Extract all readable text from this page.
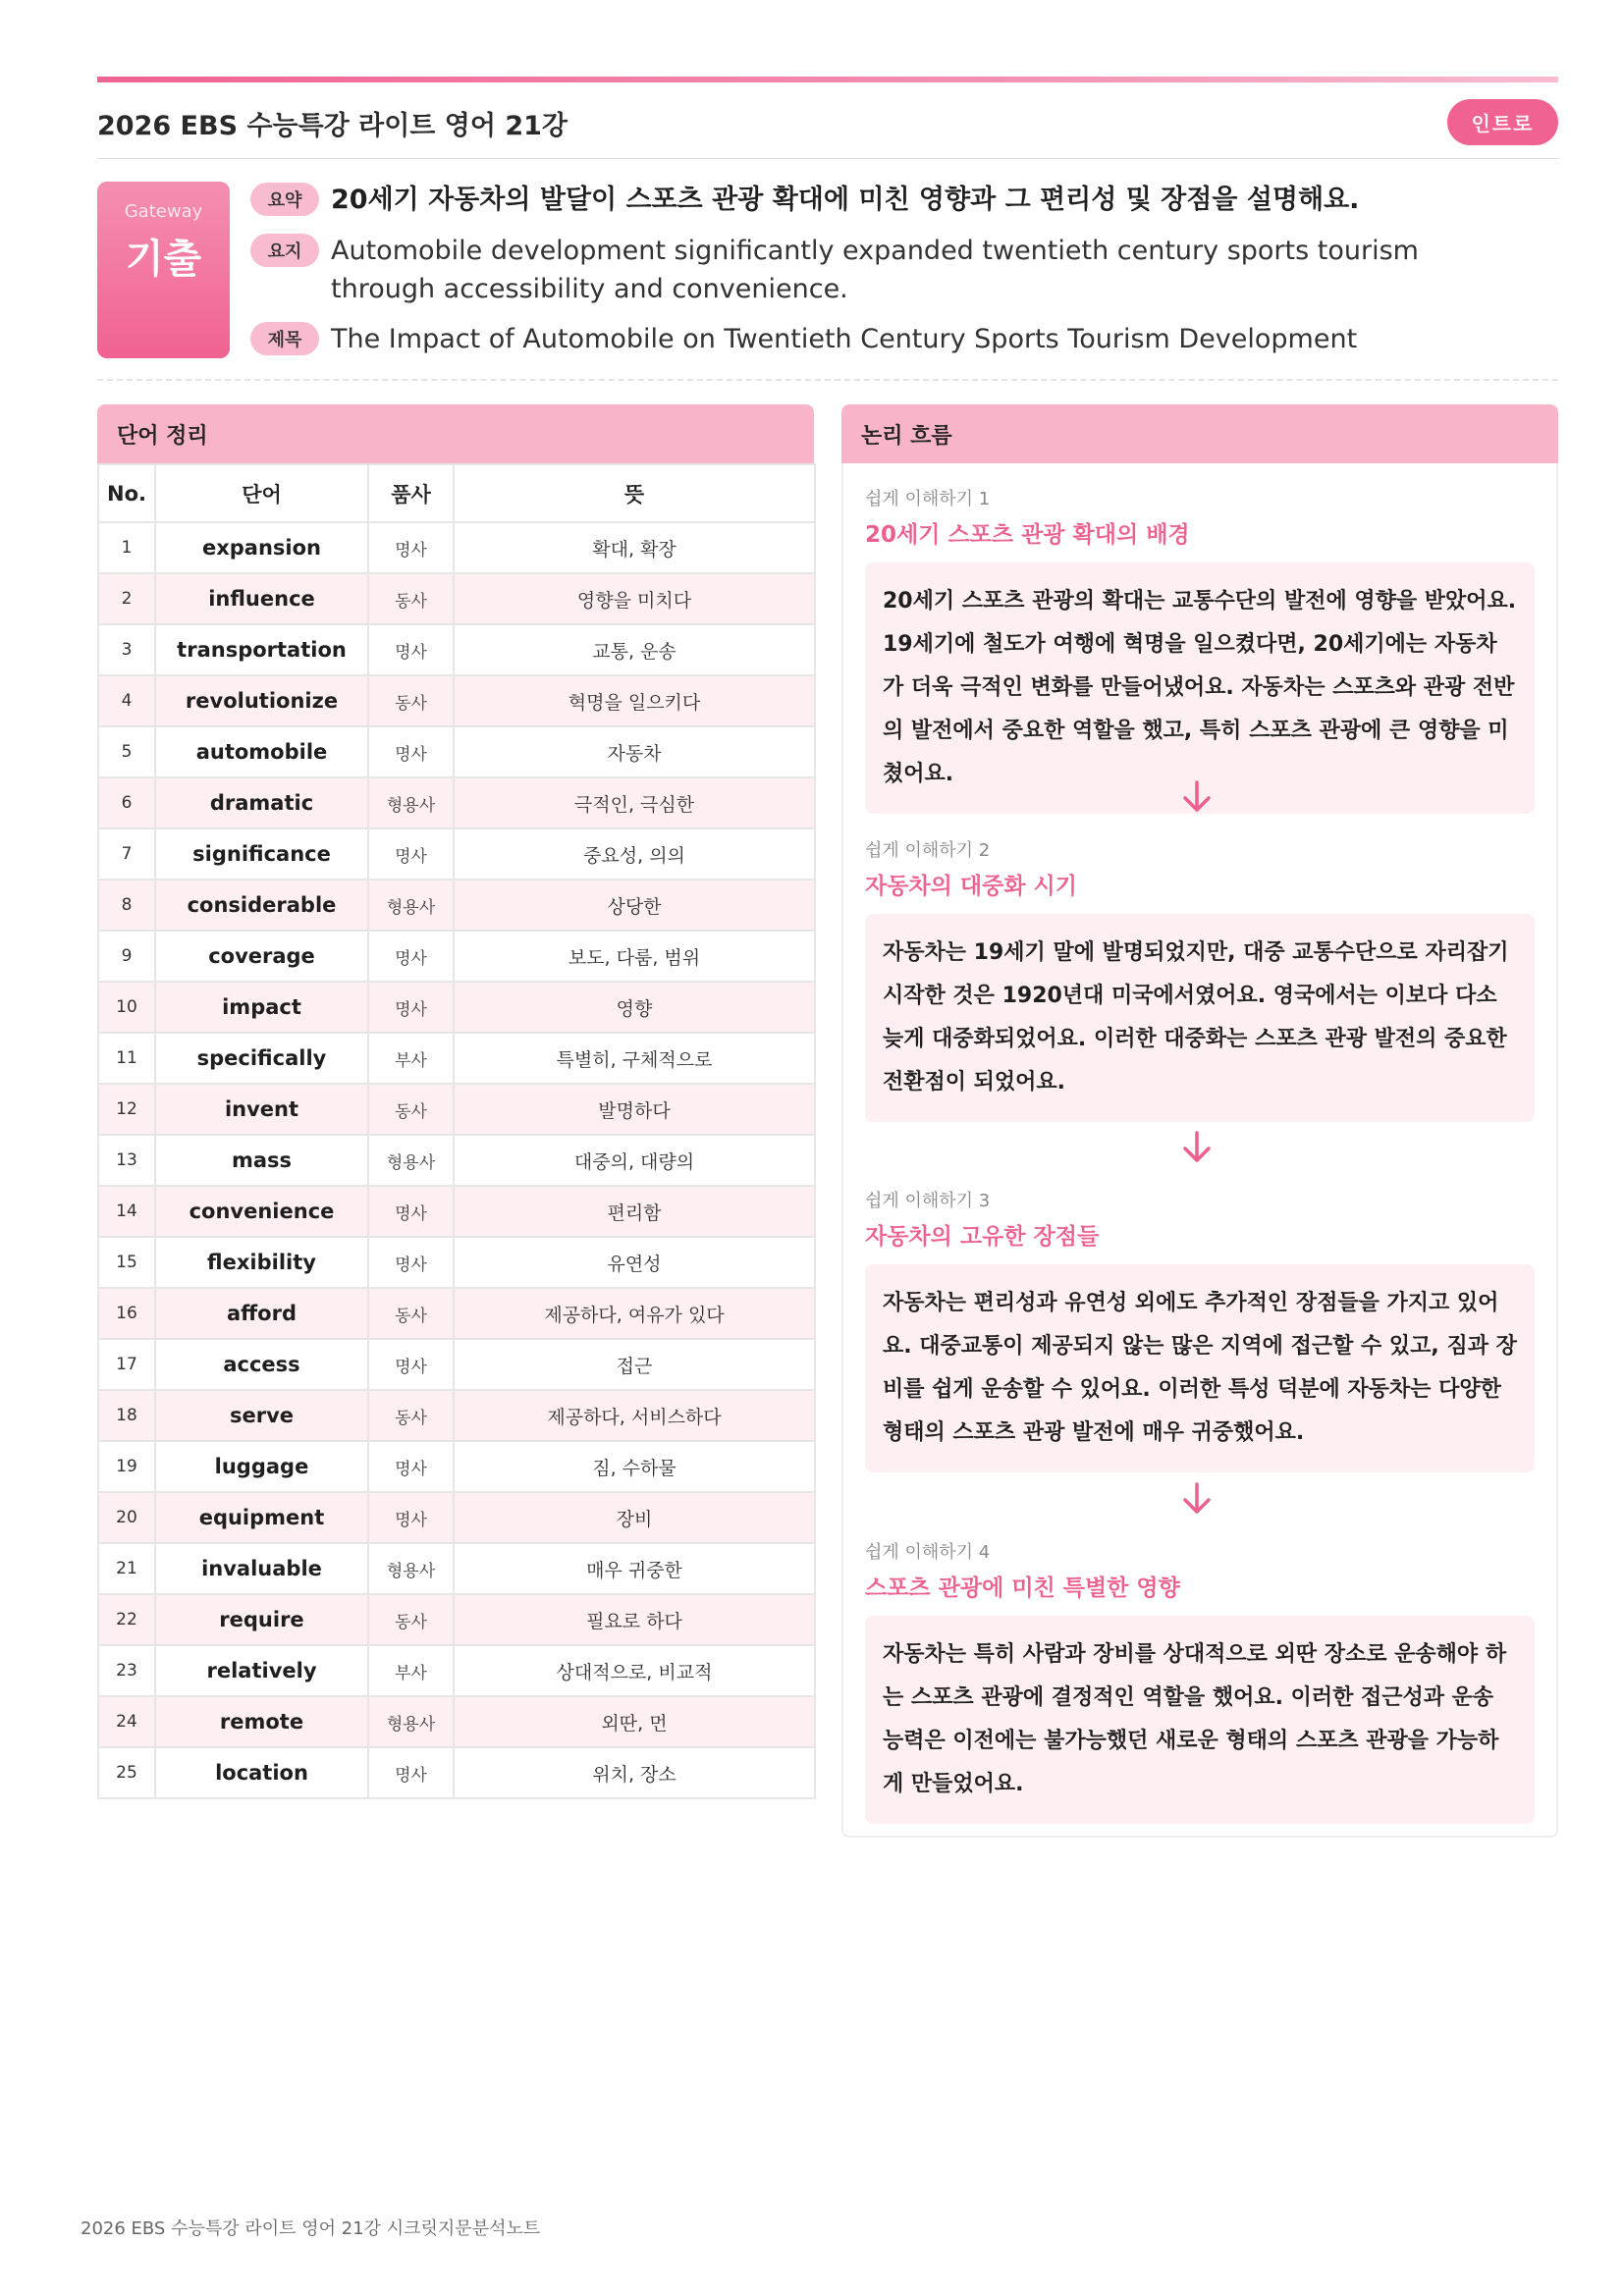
2026 EBS 수능특강 라이트 영어 21강	인트로
Gateway
기출
요약	20세기 자동차의 발달이 스포츠 관광 확대에 미친 영향과 그 편리성 및 장점을 설명해요.
요지	Automobile development significantly expanded twentieth century sports tourism through accessibility and convenience.
제목	The Impact of Automobile on Twentieth Century Sports Tourism Development
단어 정리
No.	단어	품사	뜻
1	expansion	명사	확대, 확장
2	influence	동사	영향을 미치다
3	transportation	명사	교통, 운송
4	revolutionize	동사	혁명을 일으키다
5	automobile	명사	자동차
6	dramatic	형용사	극적인, 극심한
7	significance	명사	중요성, 의의
8	considerable	형용사	상당한
9	coverage	명사	보도, 다룸, 범위
10	impact	명사	영향
11	specifically	부사	특별히, 구체적으로
12	invent	동사	발명하다
13	mass	형용사	대중의, 대량의
14	convenience	명사	편리함
15	flexibility	명사	유연성
16	afford	동사	제공하다, 여유가 있다
17	access	명사	접근
18	serve	동사	제공하다, 서비스하다
19	luggage	명사	짐, 수하물
20	equipment	명사	장비
21	invaluable	형용사	매우 귀중한
22	require	동사	필요로 하다
23	relatively	부사	상대적으로, 비교적
24	remote	형용사	외딴, 먼
25	location	명사	위치, 장소
논리 흐름
쉽게 이해하기 1
20세기 스포츠 관광 확대의 배경
20세기 스포츠 관광의 확대는 교통수단의 발전에 영향을 받았어요. 19세기에 철도가 여행에 혁명을 일으켰다면, 20세기에는 자동차가 더욱 극적인 변화를 만들어냈어요. 자동차는 스포츠와 관광 전반의 발전에서 중요한 역할을 했고, 특히 스포츠 관광에 큰 영향을 미쳤어요.
쉽게 이해하기 2
자동차의 대중화 시기
자동차는 19세기 말에 발명되었지만, 대중 교통수단으로 자리잡기 시작한 것은 1920년대 미국에서였어요. 영국에서는 이보다 다소 늦게 대중화되었어요. 이러한 대중화는 스포츠 관광 발전의 중요한 전환점이 되었어요.
쉽게 이해하기 3
자동차의 고유한 장점들
자동차는 편리성과 유연성 외에도 추가적인 장점들을 가지고 있어요. 대중교통이 제공되지 않는 많은 지역에 접근할 수 있고, 짐과 장비를 쉽게 운송할 수 있어요. 이러한 특성 덕분에 자동차는 다양한 형태의 스포츠 관광 발전에 매우 귀중했어요.
쉽게 이해하기 4
스포츠 관광에 미친 특별한 영향
자동차는 특히 사람과 장비를 상대적으로 외딴 장소로 운송해야 하는 스포츠 관광에 결정적인 역할을 했어요. 이러한 접근성과 운송 능력은 이전에는 불가능했던 새로운 형태의 스포츠 관광을 가능하게 만들었어요.
2026 EBS 수능특강 라이트 영어 21강 시크릿지문분석노트
